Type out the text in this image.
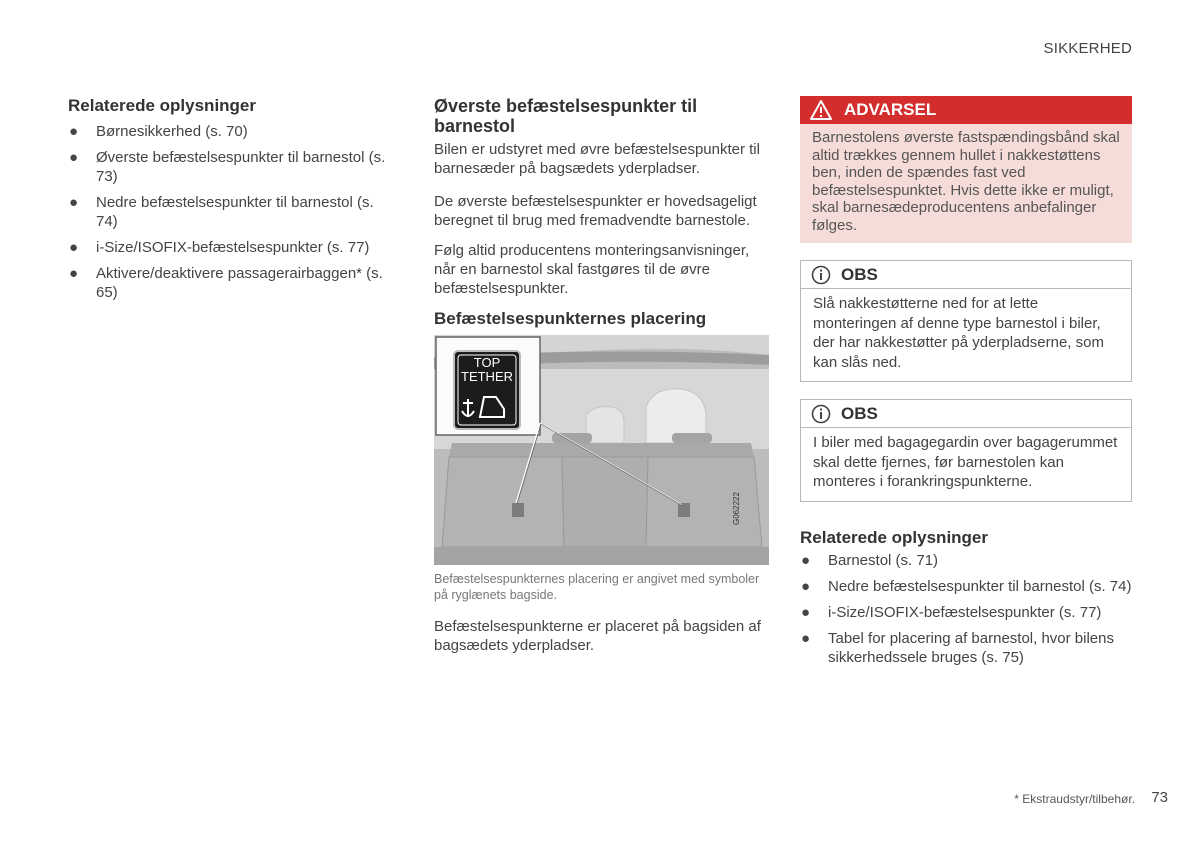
SIKKERHED
Relaterede oplysninger
● Børnesikkerhed (s. 70)
● Øverste befæstelsespunkter til barnestol (s. 73)
● Nedre befæstelsespunkter til barnestol (s. 74)
● i-Size/ISOFIX-befæstelsespunkter (s. 77)
● Aktivere/deaktivere passagerairbaggen* (s. 65)
Øverste befæstelsespunkter til barnestol

Bilen er udstyret med øvre befæstelsespunkter til barnesæder på bagsædets yderpladser.

De øverste befæstelsespunkter er hovedsageligt beregnet til brug med fremadvendte barnestole.

Følg altid producentens monteringsanvisninger, når en barnestol skal fastgøres til de øvre befæstelsespunkter.

Befæstelsespunkternes placering
TOP
TETHER
G062222

Befæstelsespunkternes placering er angivet med symboler på ryglænets bagside.

Befæstelsespunkterne er placeret på bagsiden af bagsædets yderpladser.

ADVARSEL
Barnestolens øverste fastspændingsbånd skal altid trækkes gennem hullet i nakkestøttens ben, inden de spændes fast ved befæstelsespunktet. Hvis dette ikke er muligt, skal barnesædeproducentens anbefalinger følges.
OBS
Slå nakkestøtterne ned for at lette monteringen af denne type barnestol i biler, der har nakkestøtter på yderpladserne, som kan slås ned.
OBS
I biler med bagagegardin over bagagerummet skal dette fjernes, før barnestolen kan monteres i forankringspunkterne.
Relaterede oplysninger
● Barnestol (s. 71)
● Nedre befæstelsespunkter til barnestol (s. 74)
● i-Size/ISOFIX-befæstelsespunkter (s. 77)
● Tabel for placering af barnestol, hvor bilens sikkerhedssele bruges (s. 75)
* Ekstraudstyr/tilbehør.	73
